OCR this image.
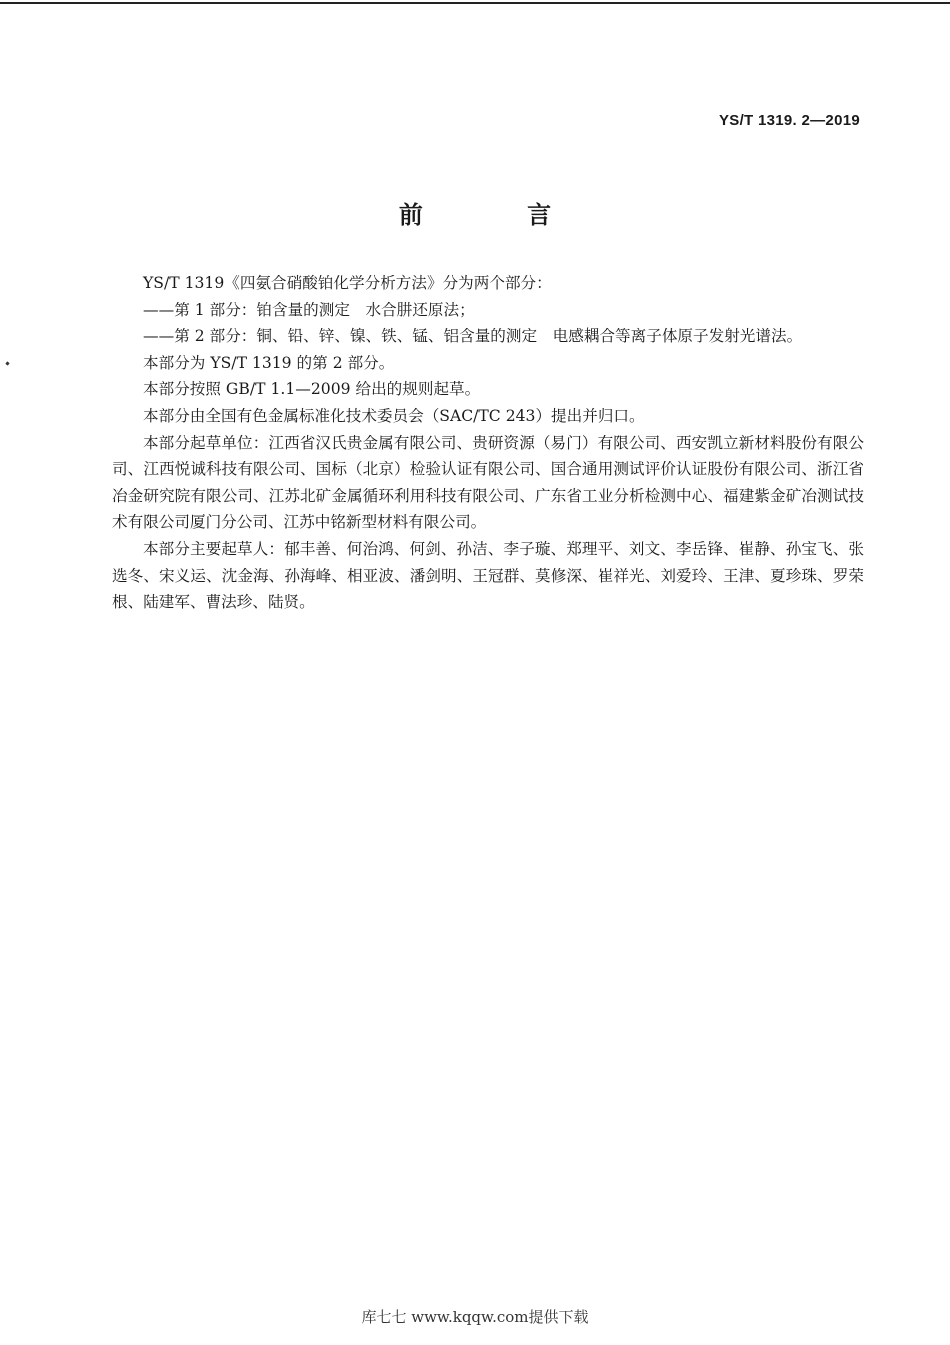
YS/T 1319. 2—2019
前 言

YS/T 1319《四氨合硝酸铂化学分析方法》分为两个部分：

——第 1 部分：铂含量的测定　水合肼还原法；

——第 2 部分：铜、铅、锌、镍、铁、锰、铝含量的测定　电感耦合等离子体原子发射光谱法。

本部分为 YS/T 1319 的第 2 部分。

本部分按照 GB/T 1.1—2009 给出的规则起草。

本部分由全国有色金属标准化技术委员会（SAC/TC 243）提出并归口。

本部分起草单位：江西省汉氏贵金属有限公司、贵研资源（易门）有限公司、西安凯立新材料股份有限公司、江西悦诚科技有限公司、国标（北京）检验认证有限公司、国合通用测试评价认证股份有限公司、浙江省冶金研究院有限公司、江苏北矿金属循环利用科技有限公司、广东省工业分析检测中心、福建紫金矿冶测试技术有限公司厦门分公司、江苏中铭新型材料有限公司。

本部分主要起草人：郁丰善、何治鸿、何剑、孙洁、李子璇、郑理平、刘文、李岳锋、崔静、孙宝飞、张选冬、宋义运、沈金海、孙海峰、相亚波、潘剑明、王冠群、莫修深、崔祥光、刘爱玲、王津、夏珍珠、罗荣根、陆建军、曹法珍、陆贤。

库七七 www.kqqw.com提供下载
